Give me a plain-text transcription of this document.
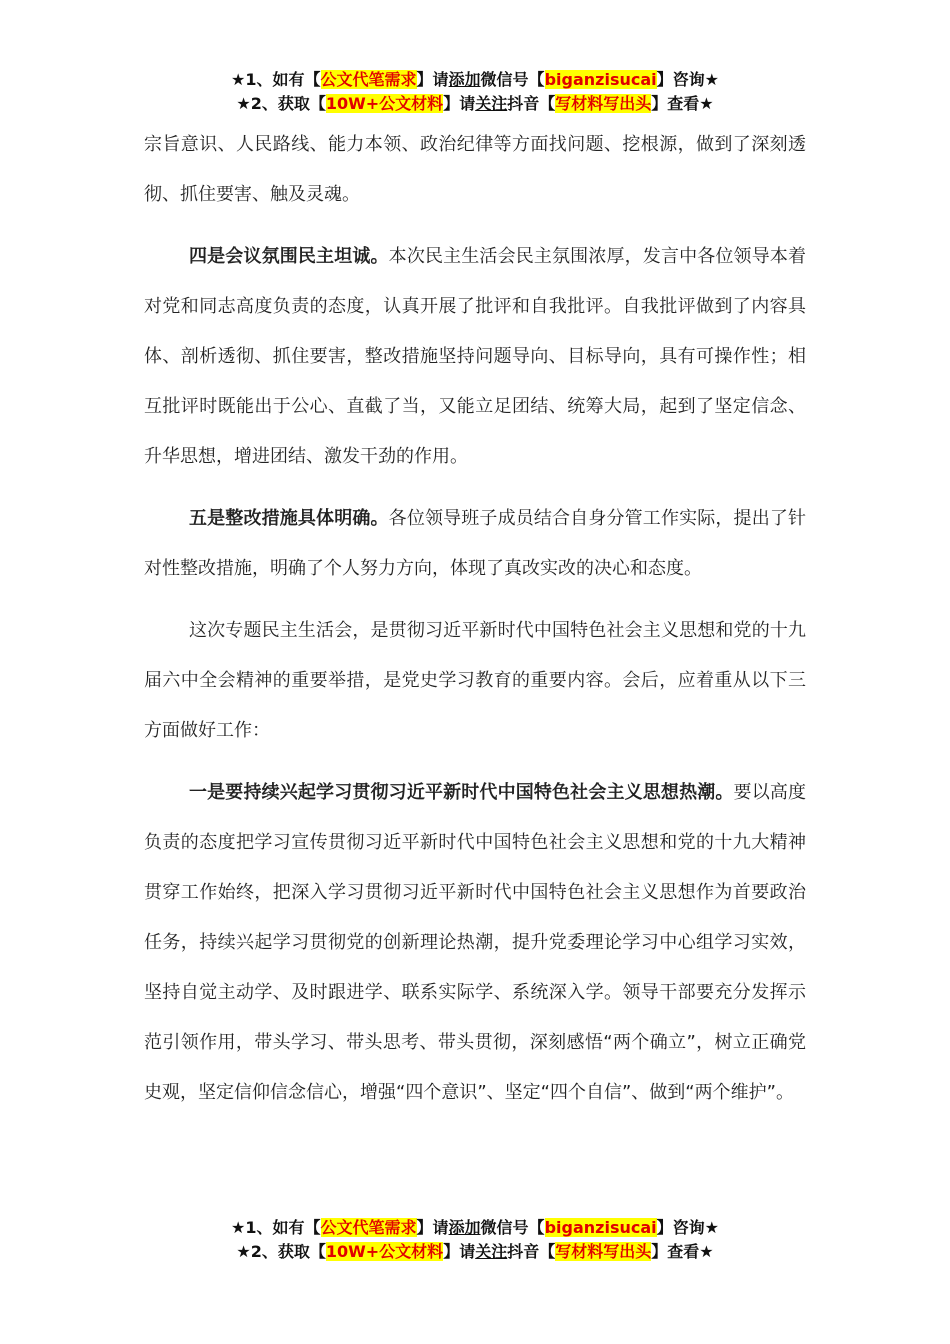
★1、如有【公文代笔需求】请添加微信号【biganzisucai】咨询★
★2、获取【10W+公文材料】请关注抖音【写材料写出头】查看★

宗旨意识、人民路线、能力本领、政治纪律等方面找问题、挖根源，做到了深刻透彻、抓住要害、触及灵魂。

四是会议氛围民主坦诚。本次民主生活会民主氛围浓厚，发言中各位领导本着对党和同志高度负责的态度，认真开展了批评和自我批评。自我批评做到了内容具体、剖析透彻、抓住要害，整改措施坚持问题导向、目标导向，具有可操作性；相互批评时既能出于公心、直截了当，又能立足团结、统筹大局，起到了坚定信念、升华思想，增进团结、激发干劲的作用。

五是整改措施具体明确。各位领导班子成员结合自身分管工作实际，提出了针对性整改措施，明确了个人努力方向，体现了真改实改的决心和态度。

这次专题民主生活会，是贯彻习近平新时代中国特色社会主义思想和党的十九届六中全会精神的重要举措，是党史学习教育的重要内容。会后，应着重从以下三方面做好工作：

一是要持续兴起学习贯彻习近平新时代中国特色社会主义思想热潮。要以高度负责的态度把学习宣传贯彻习近平新时代中国特色社会主义思想和党的十九大精神贯穿工作始终，把深入学习贯彻习近平新时代中国特色社会主义思想作为首要政治任务，持续兴起学习贯彻党的创新理论热潮，提升党委理论学习中心组学习实效，坚持自觉主动学、及时跟进学、联系实际学、系统深入学。领导干部要充分发挥示范引领作用，带头学习、带头思考、带头贯彻，深刻感悟“两个确立”，树立正确党史观，坚定信仰信念信心，增强“四个意识”、坚定“四个自信”、做到“两个维护”。

★1、如有【公文代笔需求】请添加微信号【biganzisucai】咨询★
★2、获取【10W+公文材料】请关注抖音【写材料写出头】查看★
